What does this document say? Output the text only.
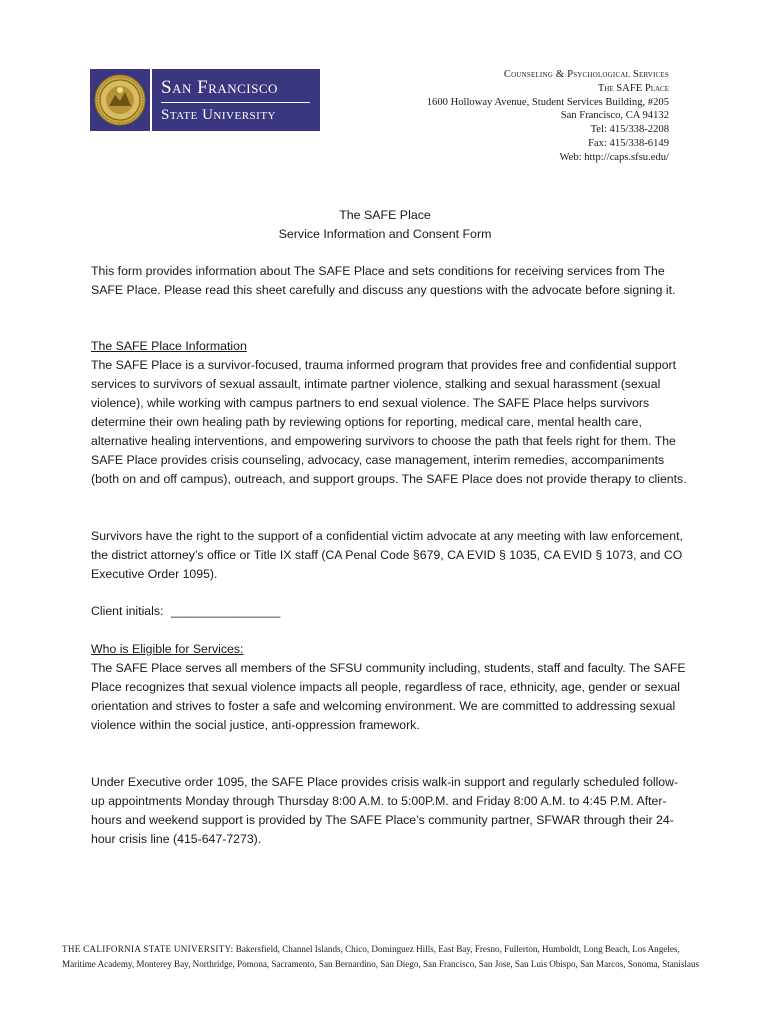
San Francisco
State University
Counseling & Psychological Services
The SAFE Place
1600 Holloway Avenue, Student Services Building, #205
San Francisco, CA 94132
Tel: 415/338-2208
Fax: 415/338-6149
Web: http://caps.sfsu.edu/
The SAFE Place
Service Information and Consent Form

This form provides information about The SAFE Place and sets conditions for receiving services from The SAFE Place. Please read this sheet carefully and discuss any questions with the advocate before signing it.

The SAFE Place Information

The SAFE Place is a survivor-focused, trauma informed program that provides free and confidential support services to survivors of sexual assault, intimate partner violence, stalking and sexual harassment (sexual violence), while working with campus partners to end sexual violence. The SAFE Place helps survivors determine their own healing path by reviewing options for reporting, medical care, mental health care, alternative healing interventions, and empowering survivors to choose the path that feels right for them. The SAFE Place provides crisis counseling, advocacy, case management, interim remedies, accompaniments (both on and off campus), outreach, and support groups. The SAFE Place does not provide therapy to clients.

Survivors have the right to the support of a confidential victim advocate at any meeting with law enforcement, the district attorney’s office or Title IX staff (CA Penal Code §679, CA EVID § 1035, CA EVID § 1073, and CO Executive Order 1095).

Client initials: ________________

Who is Eligible for Services:

The SAFE Place serves all members of the SFSU community including, students, staff and faculty. The SAFE Place recognizes that sexual violence impacts all people, regardless of race, ethnicity, age, gender or sexual orientation and strives to foster a safe and welcoming environment. We are committed to addressing sexual violence within the social justice, anti-oppression framework.

Under Executive order 1095, the SAFE Place provides crisis walk-in support and regularly scheduled follow-up appointments Monday through Thursday 8:00 A.M. to 5:00P.M. and Friday 8:00 A.M. to 4:45 P.M. After-hours and weekend support is provided by The SAFE Place’s community partner, SFWAR through their 24-hour crisis line (415-647-7273).

THE CALIFORNIA STATE UNIVERSITY: Bakersfield, Channel Islands, Chico, Dominguez Hills, East Bay, Fresno, Fullerton, Humboldt, Long Beach, Los Angeles,
Maritime Academy, Monterey Bay, Northridge, Pomona, Sacramento, San Bernardino, San Diego, San Francisco, San Jose, San Luis Obispo, San Marcos, Sonoma, Stanislaus
